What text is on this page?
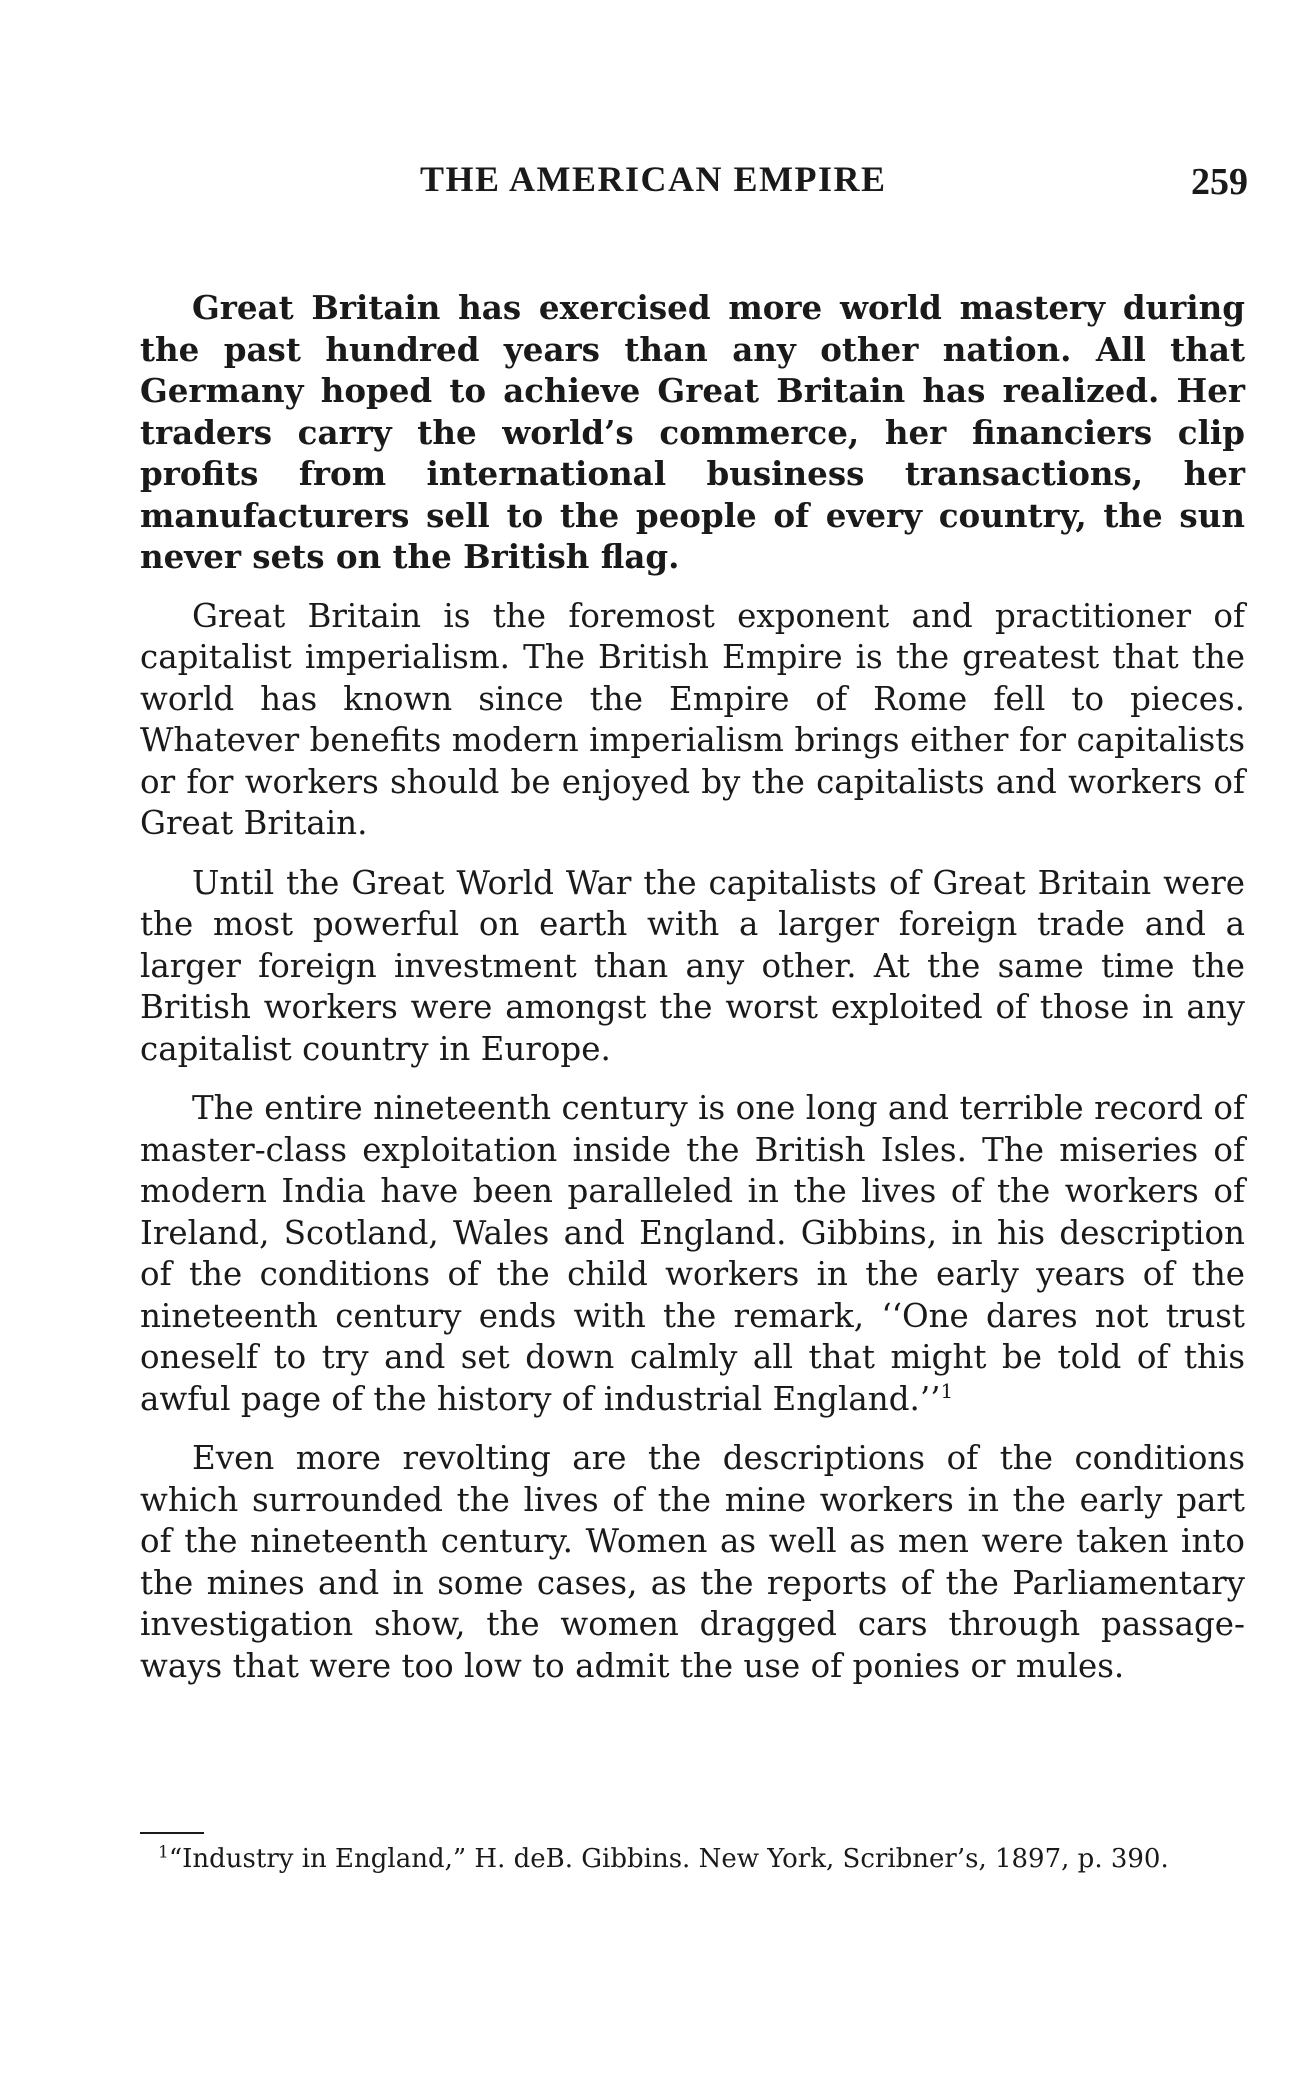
THE AMERICAN EMPIRE	259

Great Britain has exercised more world mastery during the past hundred years than any other nation. All that Germany hoped to achieve Great Britain has realized. Her traders carry the world’s commerce, her financiers clip profits from international business transactions, her manufacturers sell to the people of every country, the sun never sets on the British flag.

Great Britain is the foremost exponent and practitioner of capitalist imperialism. The British Empire is the greatest that the world has known since the Empire of Rome fell to pieces. Whatever benefits modern imperialism brings either for capitalists or for workers should be enjoyed by the capitalists and workers of Great Britain.

Until the Great World War the capitalists of Great Britain were the most powerful on earth with a larger foreign trade and a larger foreign investment than any other. At the same time the British workers were amongst the worst exploited of those in any capitalist country in Europe.

The entire nineteenth century is one long and terrible record of master-class exploitation inside the British Isles. The miseries of modern India have been paralleled in the lives of the workers of Ireland, Scotland, Wales and England. Gibbins, in his description of the conditions of the child workers in the early years of the nineteenth century ends with the remark, ‘‘One dares not trust oneself to try and set down calmly all that might be told of this awful page of the history of industrial England.’’$^1$

Even more revolting are the descriptions of the conditions which surrounded the lives of the mine workers in the early part of the nineteenth century. Women as well as men were taken into the mines and in some cases, as the reports of the Parliamentary investigation show, the women dragged cars through passage-ways that were too low to admit the use of ponies or mules.

$^1$“Industry in England,” H. deB. Gibbins. New York, Scribner’s, 1897, p. 390.
